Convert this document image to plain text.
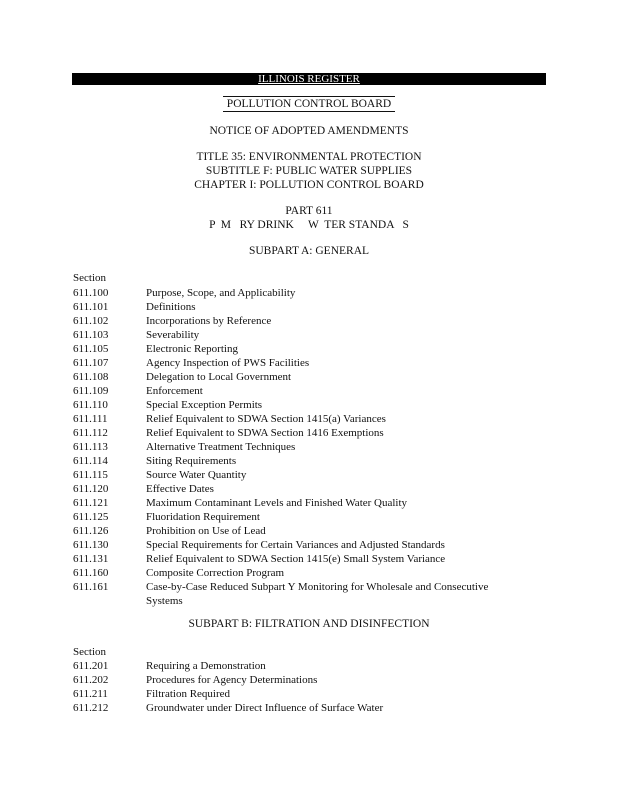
ILLINOIS REGISTER
POLLUTION CONTROL BOARD
NOTICE OF ADOPTED AMENDMENTS
TITLE 35: ENVIRONMENTAL PROTECTION
SUBTITLE F: PUBLIC WATER SUPPLIES
CHAPTER I: POLLUTION CONTROL BOARD
PART 611
P  M   RY DRINK     W  TER STANDA   S
SUBPART A: GENERAL
Section
611.100	Purpose, Scope, and Applicability
611.101	Definitions
611.102	Incorporations by Reference
611.103	Severability
611.105	Electronic Reporting
611.107	Agency Inspection of PWS Facilities
611.108	Delegation to Local Government
611.109	Enforcement
611.110	Special Exception Permits
611.111	Relief Equivalent to SDWA Section 1415(a) Variances
611.112	Relief Equivalent to SDWA Section 1416 Exemptions
611.113	Alternative Treatment Techniques
611.114	Siting Requirements
611.115	Source Water Quantity
611.120	Effective Dates
611.121	Maximum Contaminant Levels and Finished Water Quality
611.125	Fluoridation Requirement
611.126	Prohibition on Use of Lead
611.130	Special Requirements for Certain Variances and Adjusted Standards
611.131	Relief Equivalent to SDWA Section 1415(e) Small System Variance
611.160	Composite Correction Program
611.161	Case-by-Case Reduced Subpart Y Monitoring for Wholesale and Consecutive
Systems
SUBPART B: FILTRATION AND DISINFECTION
Section
611.201	Requiring a Demonstration
611.202	Procedures for Agency Determinations
611.211	Filtration Required
611.212	Groundwater under Direct Influence of Surface Water
